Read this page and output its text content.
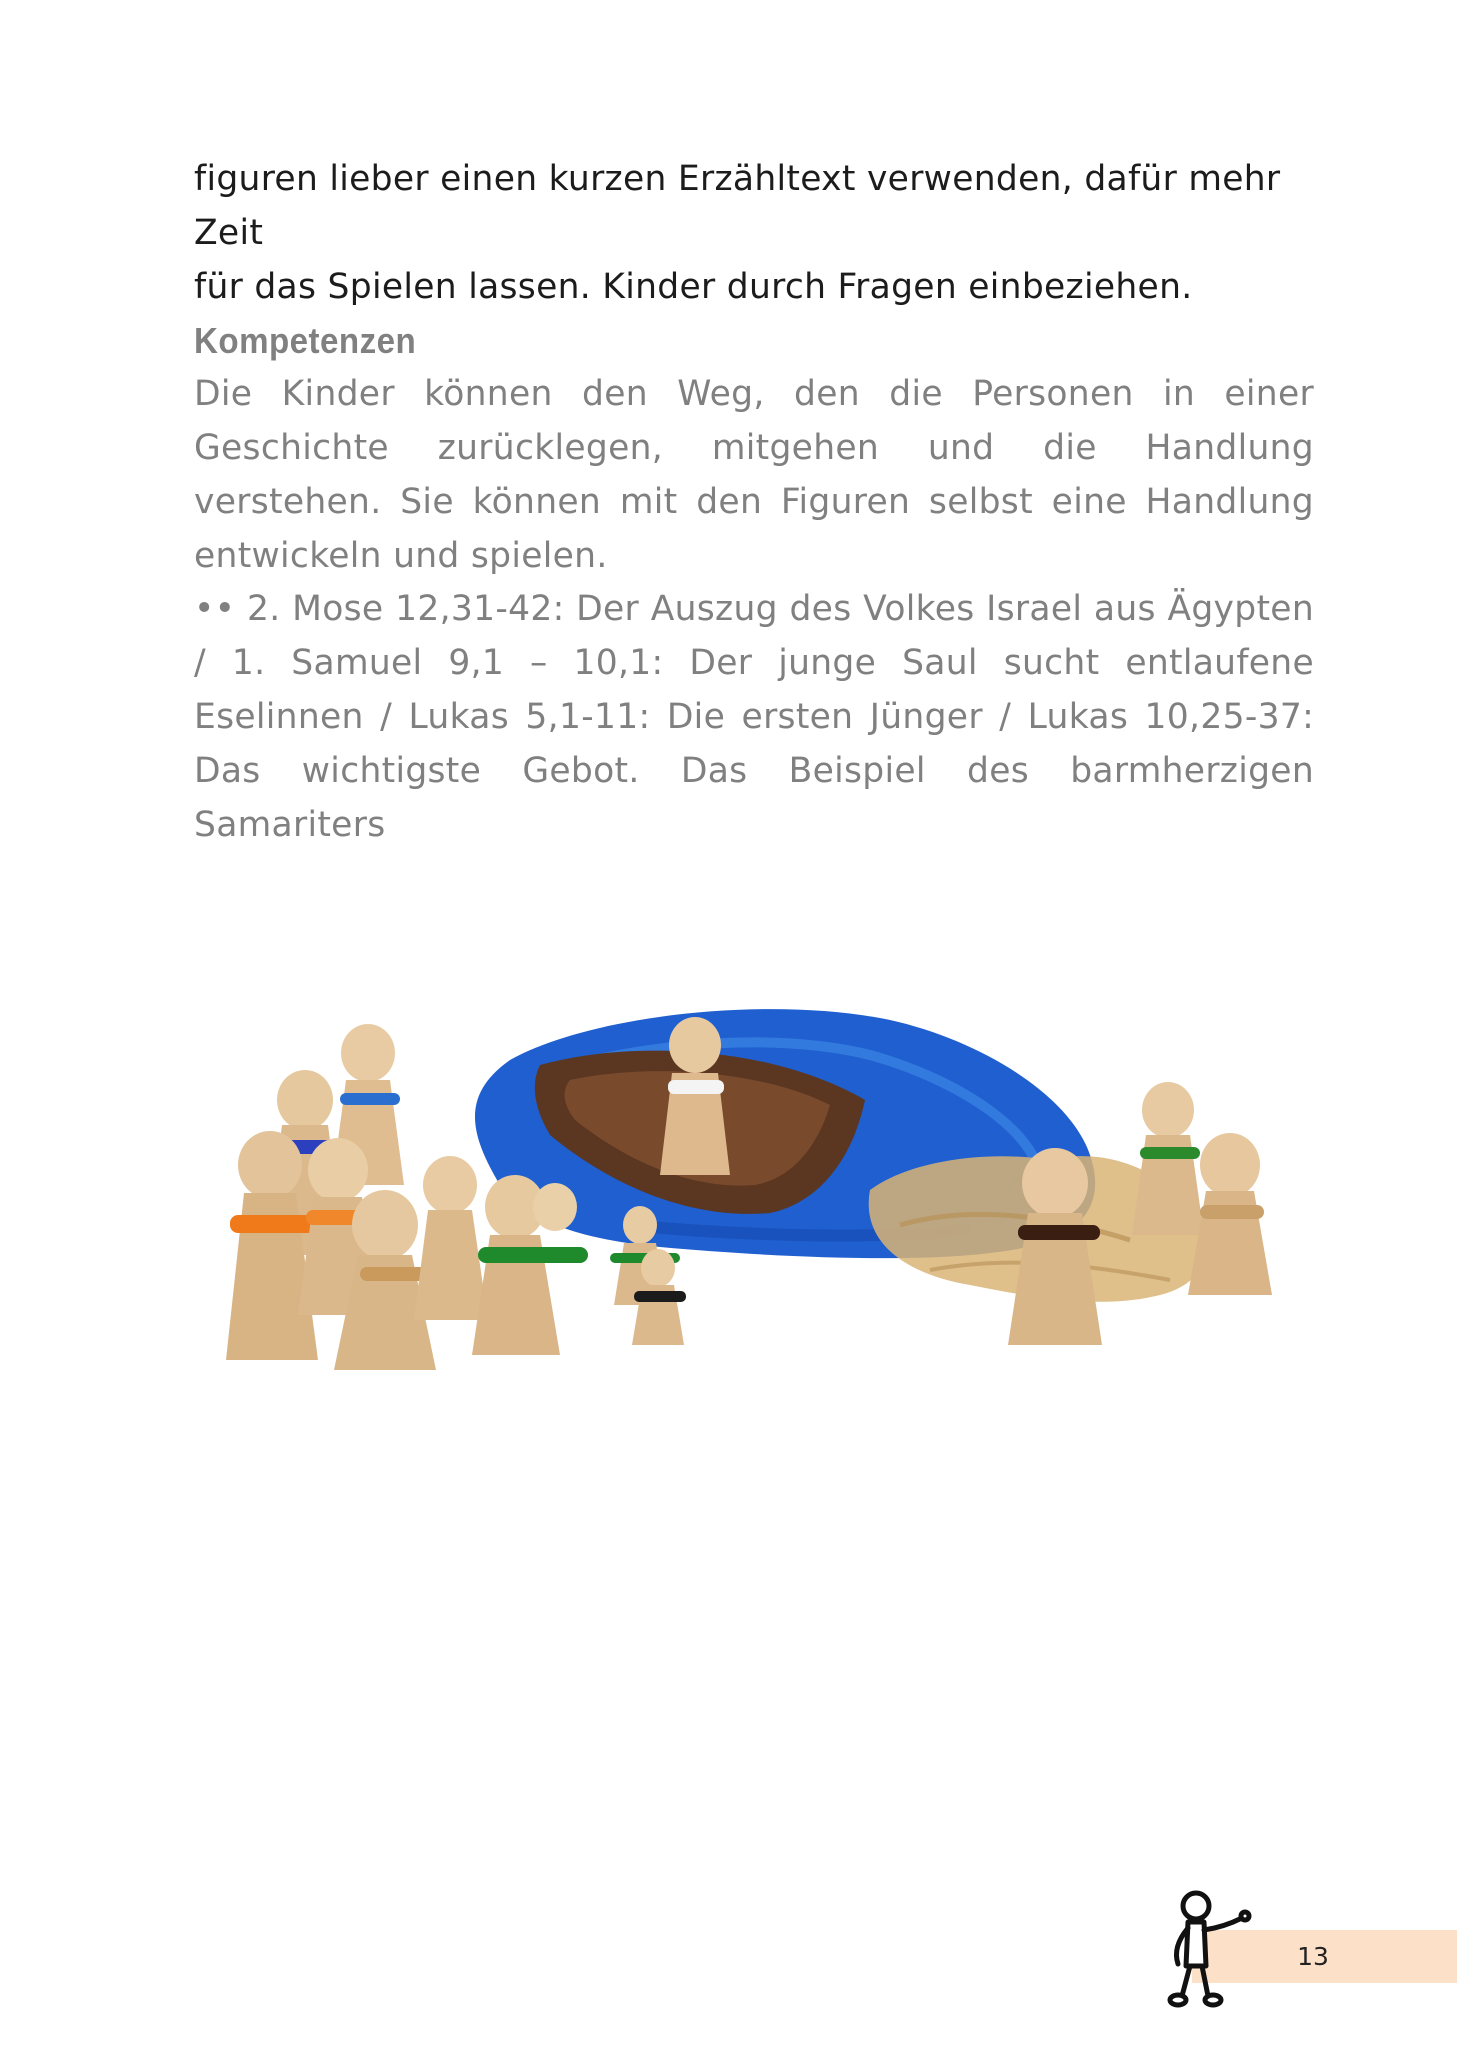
figuren lieber einen kurzen Erzähltext verwenden, dafür mehr Zeit

für das Spielen lassen. Kinder durch Fragen einbeziehen.

Kompetenzen
Die Kinder können den Weg, den die Personen in einer Geschichte zurücklegen, mitgehen und die Handlung verstehen. Sie können mit den Figuren selbst eine Handlung entwickeln und spielen.
•• 2. Mose 12,31-42: Der Auszug des Volkes Israel aus Ägypten / 1. Samuel 9,1 – 10,1: Der junge Saul sucht entlaufene Eselinnen / Lukas 5,1-11: Die ersten Jünger / Lukas 10,25-37: Das wichtigste Gebot. Das Beispiel des barmherzigen Samariters
13
